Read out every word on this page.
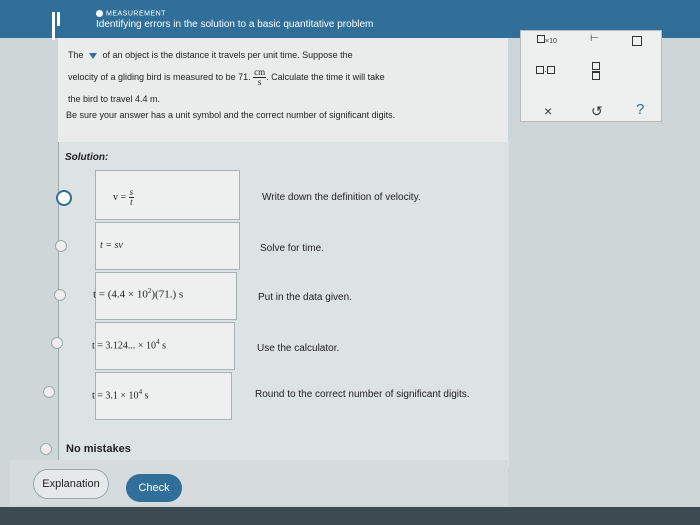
MEASUREMENT
Identifying errors in the solution to a basic quantitative problem
The of an object is the distance it travels per unit time. Suppose the
velocity of a gliding bird is measured to be 71. $\frac{cm}{s}$ . Calculate the time it will take
the bird to travel 4.4 m.
Be sure your answer has a unit symbol and the correct number of significant digits.
Solution:
$v = \frac{s}{t}$	Write down the definition of velocity.
t = sv	Solve for time.
$t = (4.4 \times 10^2)(71.)$ s	Put in the data given.
t = 3.124... × $10^4$ s	Use the calculator.
$t = 3.1 \times 10^4$ s	Round to the correct number of significant digits.
No mistakes
Explanation	Check
×10	⊢
·

×	↺ ?
